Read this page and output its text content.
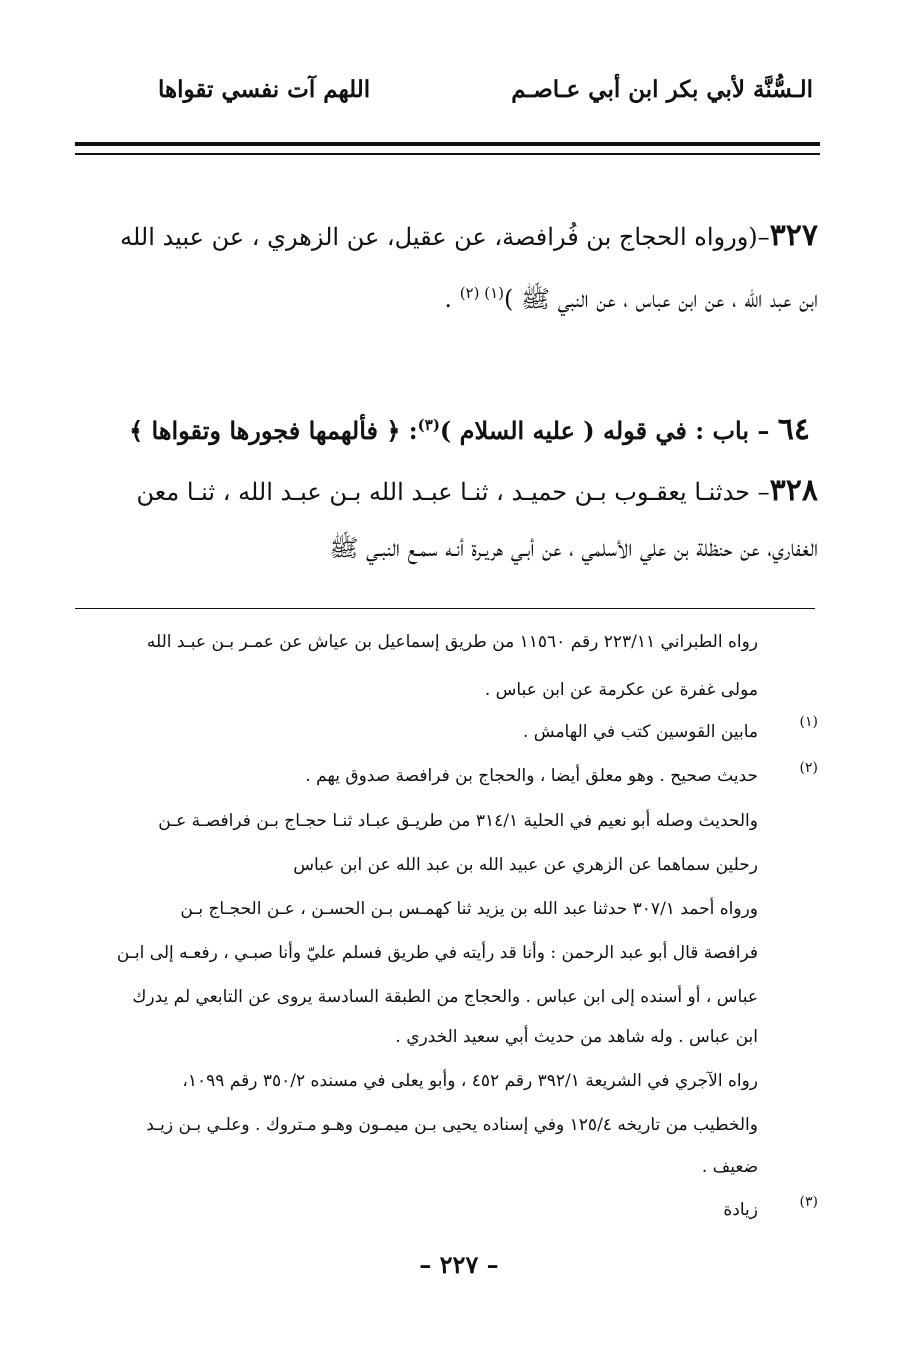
الـسُّنَّة لأبي بكر ابن أبي عـاصـم
اللهم آت نفسي تقواها
٣٢٧–(ورواه الحجاج بن فُرافصة، عن عقيل، عن الزهري ، عن عبيد الله
ابن عبد الله ، عن ابن عباس ، عن النبي ﷺ )$^{(١) (٢)}$ .
٦٤ – باب : في قوله ( عليه السلام )$^{(٣)}$: ﴿ فألهمها فجورها وتقواها ﴾
٣٢٨– حدثنـا يعقـوب بـن حميـد ، ثنـا عبـد الله بـن عبـد الله ، ثنـا معن
الغفاري، عن حنظلة بن علي الأسلمي ، عن أبـي هريـرة أنـه سمـع النبـي ﷺ
رواه الطبراني ٢٢٣/١١ رقم ١١٥٦٠ من طريق إسماعيل بن عياش عن عمـر بـن عبـد الله
مولى غفرة عن عكرمة عن ابن عباس .
(١)
مابين القوسين كتب في الهامش .
(٢)
حديث صحيح . وهو معلق أيضا ، والحجاج بن فرافصة صدوق يهم .
والحديث وصله أبو نعيم في الحلية ٣١٤/١ من طريـق عبـاد ثنـا حجـاج بـن فرافصـة عـن
رحلين سماهما عن الزهري عن عبيد الله بن عبد الله عن ابن عباس
ورواه أحمد ٣٠٧/١ حدثنا عبد الله بن يزيد ثنا كهمـس بـن الحسـن ، عـن الحجـاج بـن
فرافصة قال أبو عبد الرحمن : وأنا قد رأيته في طريق فسلم عليّ وأنا صبـي ، رفعـه إلى ابـن
عباس ، أو أسنده إلى ابن عباس . والحجاج من الطبقة السادسة يروى عن التابعي لم يدرك
ابن عباس . وله شاهد من حديث أبي سعيد الخدري .
رواه الآجري في الشريعة ٣٩٢/١ رقم ٤٥٢ ، وأبو يعلى في مسنده ٣٥٠/٢ رقم ١٠٩٩،
والخطيب من تاريخه ١٢٥/٤ وفي إسناده يحيى بـن ميمـون وهـو مـتروك . وعلـي بـن زيـد
ضعيف .
(٣)
زيادة
– ٢٢٧ –
